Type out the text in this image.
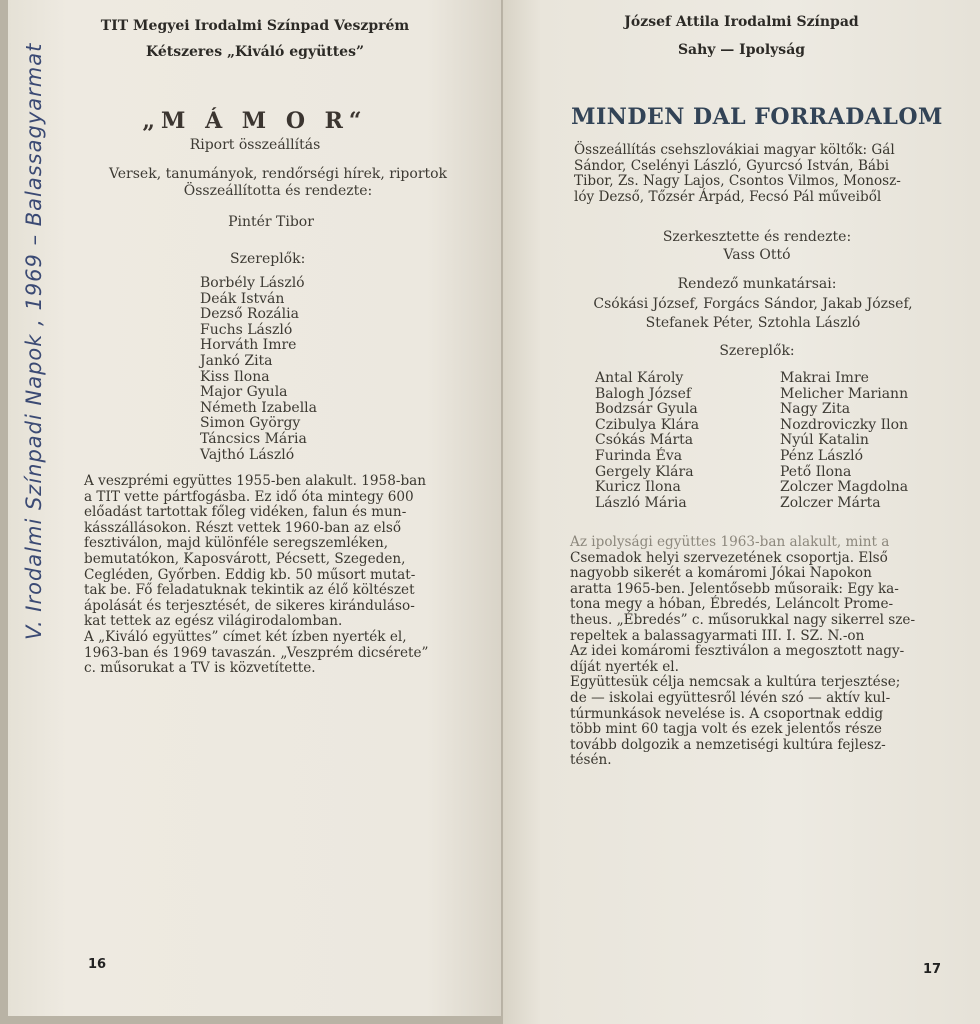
TIT Megyei Irodalmi Színpad Veszprém
Kétszeres „Kiváló együttes”
„M Á M O R“
Riport összeállítás
Versek, tanumányok, rendőrségi hírek, riportok
Összeállította és rendezte:
Pintér Tibor
Szereplők:
Borbély László
Deák István
Dezső Rozália
Fuchs László
Horváth Imre
Jankó Zita
Kiss Ilona
Major Gyula
Németh Izabella
Simon György
Táncsics Mária
Vajthó László
A veszprémi együttes 1955-ben alakult. 1958-ban
a TIT vette pártfogásba. Ez idő óta mintegy 600
előadást tartottak főleg vidéken, falun és mun-
kásszállásokon. Részt vettek 1960-ban az első
fesztiválon, majd különféle seregszemléken,
bemutatókon, Kaposvárott, Pécsett, Szegeden,
Cegléden, Győrben. Eddig kb. 50 műsort mutat-
tak be. Fő feladatuknak tekintik az élő költészet
ápolását és terjesztését, de sikeres kiránduláso-
kat tettek az egész világirodalomban.
A „Kiváló együttes” címet két ízben nyerték el,
1963-ban és 1969 tavaszán. „Veszprém dicsérete”
c. műsorukat a TV is közvetítette.
16
V. Irodalmi Színpadi Napok , 1969 – Balassagyarmat
József Attila Irodalmi Színpad
Sahy — Ipolyság
MINDEN DAL FORRADALOM
Összeállítás csehszlovákiai magyar költők: Gál
Sándor, Cselényi László, Gyurcsó István, Bábi
Tibor, Zs. Nagy Lajos, Csontos Vilmos, Monosz-
lóy Dezső, Tőzsér Árpád, Fecsó Pál műveiből
Szerkesztette és rendezte:
Vass Ottó
Rendező munkatársai:
Csókási József, Forgács Sándor, Jakab József,
Stefanek Péter, Sztohla László
Szereplők:
Antal Károly
Balogh József
Bodzsár Gyula
Czibulya Klára
Csókás Márta
Furinda Éva
Gergely Klára
Kuricz Ilona
László Mária
Makrai Imre
Melicher Mariann
Nagy Zita
Nozdroviczky Ilon
Nyúl Katalin
Pénz László
Pető Ilona
Zolczer Magdolna
Zolczer Márta
Az ipolysági együttes 1963-ban alakult, mint a
Csemadok helyi szervezetének csoportja. Első
nagyobb sikerét a komáromi Jókai Napokon
aratta 1965-ben. Jelentősebb műsoraik: Egy ka-
tona megy a hóban, Ébredés, Leláncolt Prome-
theus. „Ébredés” c. műsorukkal nagy sikerrel sze-
repeltek a balassagyarmati III. I. SZ. N.-on
Az idei komáromi fesztiválon a megosztott nagy-
díját nyerték el.
Együttesük célja nemcsak a kultúra terjesztése;
de — iskolai együttesről lévén szó — aktív kul-
túrmunkások nevelése is. A csoportnak eddig
több mint 60 tagja volt és ezek jelentős része
tovább dolgozik a nemzetiségi kultúra fejlesz-
tésén.
17
